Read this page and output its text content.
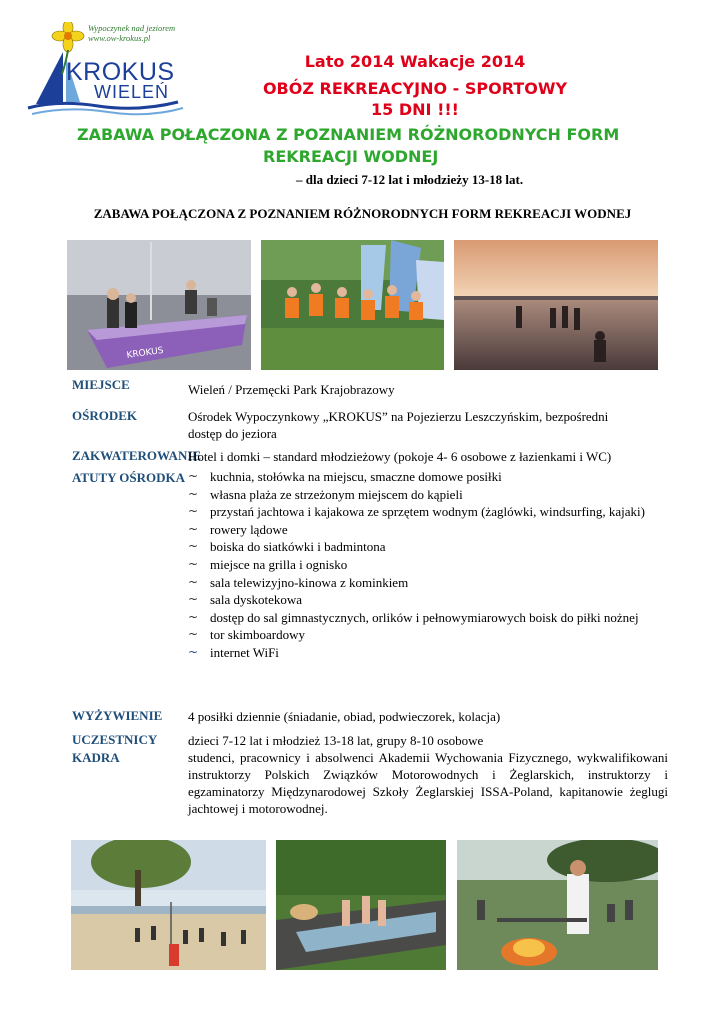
Wypoczynek nad jeziorem
www.ow-krokus.pl
KROKUS
WIELEŃ
Lato 2014 Wakacje 2014
OBÓZ REKREACYJNO - SPORTOWY
15 DNI !!!
ZABAWA POŁĄCZONA Z POZNANIEM RÓŻNORODNYCH FORM
REKREACJI WODNEJ
– dla dzieci 7-12 lat i młodzieży 13-18 lat.
ZABAWA POŁĄCZONA Z POZNANIEM RÓŻNORODNYCH FORM REKREACJI WODNEJ
KROKUS
MIEJSCE	Wieleń / Przemęcki Park Krajobrazowy
OŚRODEK	Ośrodek Wypoczynkowy „KROKUS” na Pojezierzu Leszczyńskim, bezpośredni
dostęp do jeziora
ZAKWATEROWANIE
Hotel i domki – standard młodzieżowy (pokoje 4- 6 osobowe z łazienkami i WC)
ATUTY OŚRODKA ~ kuchnia, stołówka na miejscu, smaczne domowe posiłki
~ własna plaża ze strzeżonym miejscem do kąpieli
~ przystań jachtowa i kajakowa ze sprzętem wodnym (żaglówki, windsurfing, kajaki)
~ rowery lądowe
~ boiska do siatkówki i badmintona
~ miejsce na grilla i ognisko
~ sala telewizyjno-kinowa z kominkiem
~ sala dyskotekowa
~ dostęp do sal gimnastycznych, orlików i pełnowymiarowych boisk do piłki nożnej
~ tor skimboardowy
~ internet WiFi
WYŻYWIENIE 4 posiłki dziennie (śniadanie, obiad, podwieczorek, kolacja)
UCZESTNICY
KADRA
dzieci 7-12 lat i młodzież 13-18 lat, grupy 8-10 osobowe
studenci, pracownicy i absolwenci Akademii Wychowania Fizycznego, wykwalifikowani instruktorzy Polskich Związków Motorowodnych i Żeglarskich, instruktorzy i egzaminatorzy Międzynarodowej Szkoły Żeglarskiej ISSA-Poland, kapitanowie żeglugi jachtowej i motorowodnej.
